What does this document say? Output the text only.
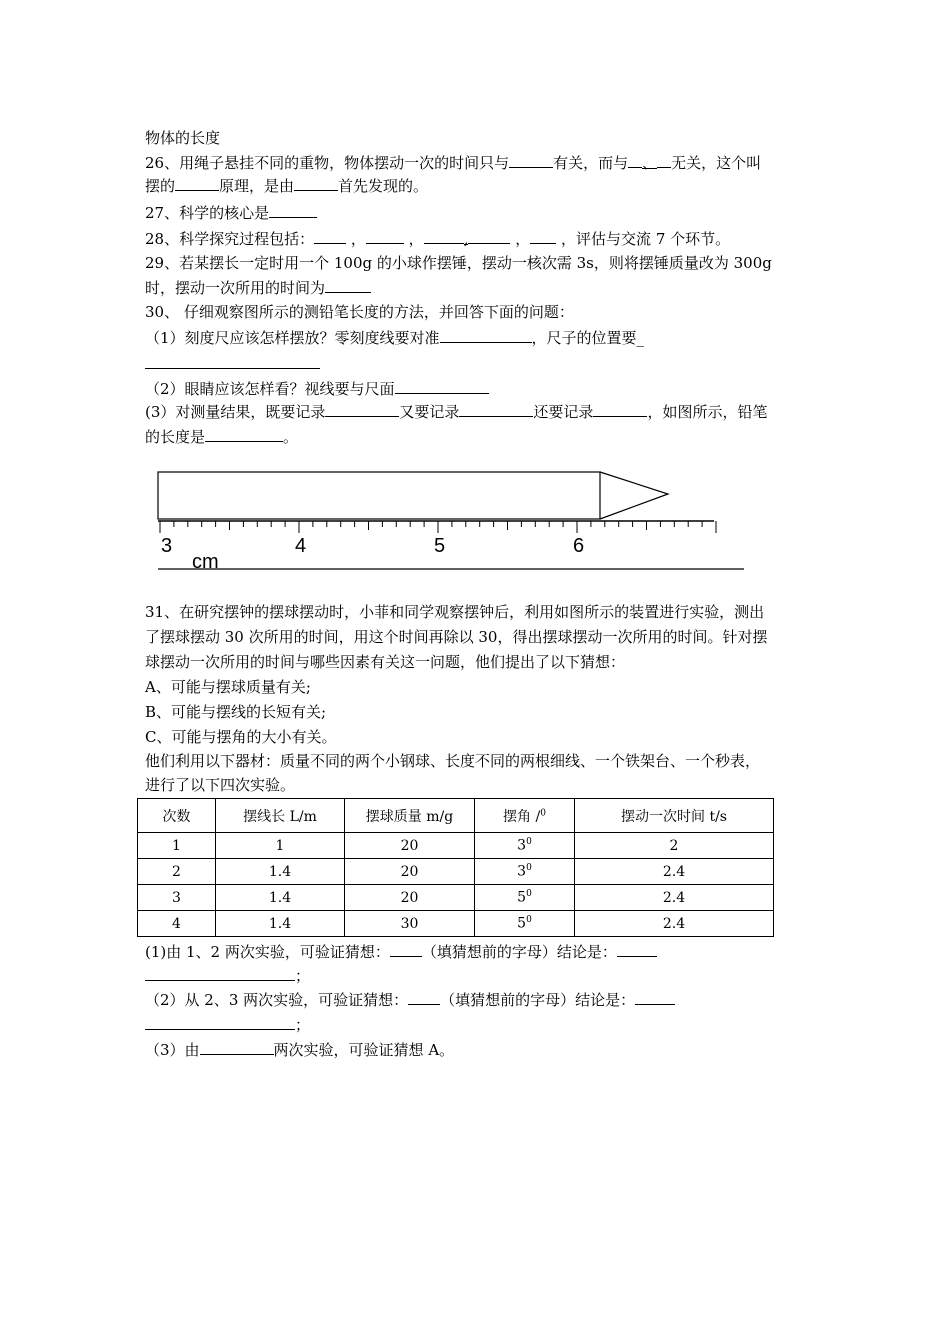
物体的长度
26、用绳子悬挂不同的重物，物体摆动一次的时间只与	有关，而与 、 无关，这个叫
摆的	原理，是由	首先发现的。
27、科学的核心是
28、科学探究过程包括： ，	，	,	， ，评估与交流 7 个环节。
29、若某摆长一定时用一个 100g 的小球作摆锤，摆动一核次需 3s，则将摆锤质量改为 300g
时，摆动一次所用的时间为
30、 仔细观察图所示的测铅笔长度的方法，并回答下面的问题：
（1）刻度尺应该怎样摆放？零刻度线要对准	，尺子的位置要_
（2）眼睛应该怎样看？视线要与尺面
(3）对测量结果，既要记录	又要记录	还要记录	，如图所示，铅笔
的长度是	。
3	4	5	6
cm
31、在研究摆钟的摆球摆动时，小菲和同学观察摆钟后，利用如图所示的装置进行实验，测出
了摆球摆动 30 次所用的时间，用这个时间再除以 30，得出摆球摆动一次所用的时间。针对摆
球摆动一次所用的时间与哪些因素有关这一问题，他们提出了以下猜想：
A、可能与摆球质量有关;
B、可能与摆线的长短有关;
C、可能与摆角的大小有关。
他们利用以下器材：质量不同的两个小钢球、长度不同的两根细线、一个铁架台、一个秒表，
进行了以下四次实验。
次数	摆线长 L/m	摆球质量 m/g	摆角 /$^0$	摆动一次时间 t/s
1	1	20	$3^0$	2
2	1.4	20	$3^0$	2.4
3	1.4	20	$5^0$	2.4
4	1.4	30	$5^0$	2.4
(1)由 1、2 两次实验，可验证猜想： （填猜想前的字母）结论是：
；
（2）从 2、3 两次实验，可验证猜想： （填猜想前的字母）结论是：
；
（3）由	两次实验，可验证猜想 A。
